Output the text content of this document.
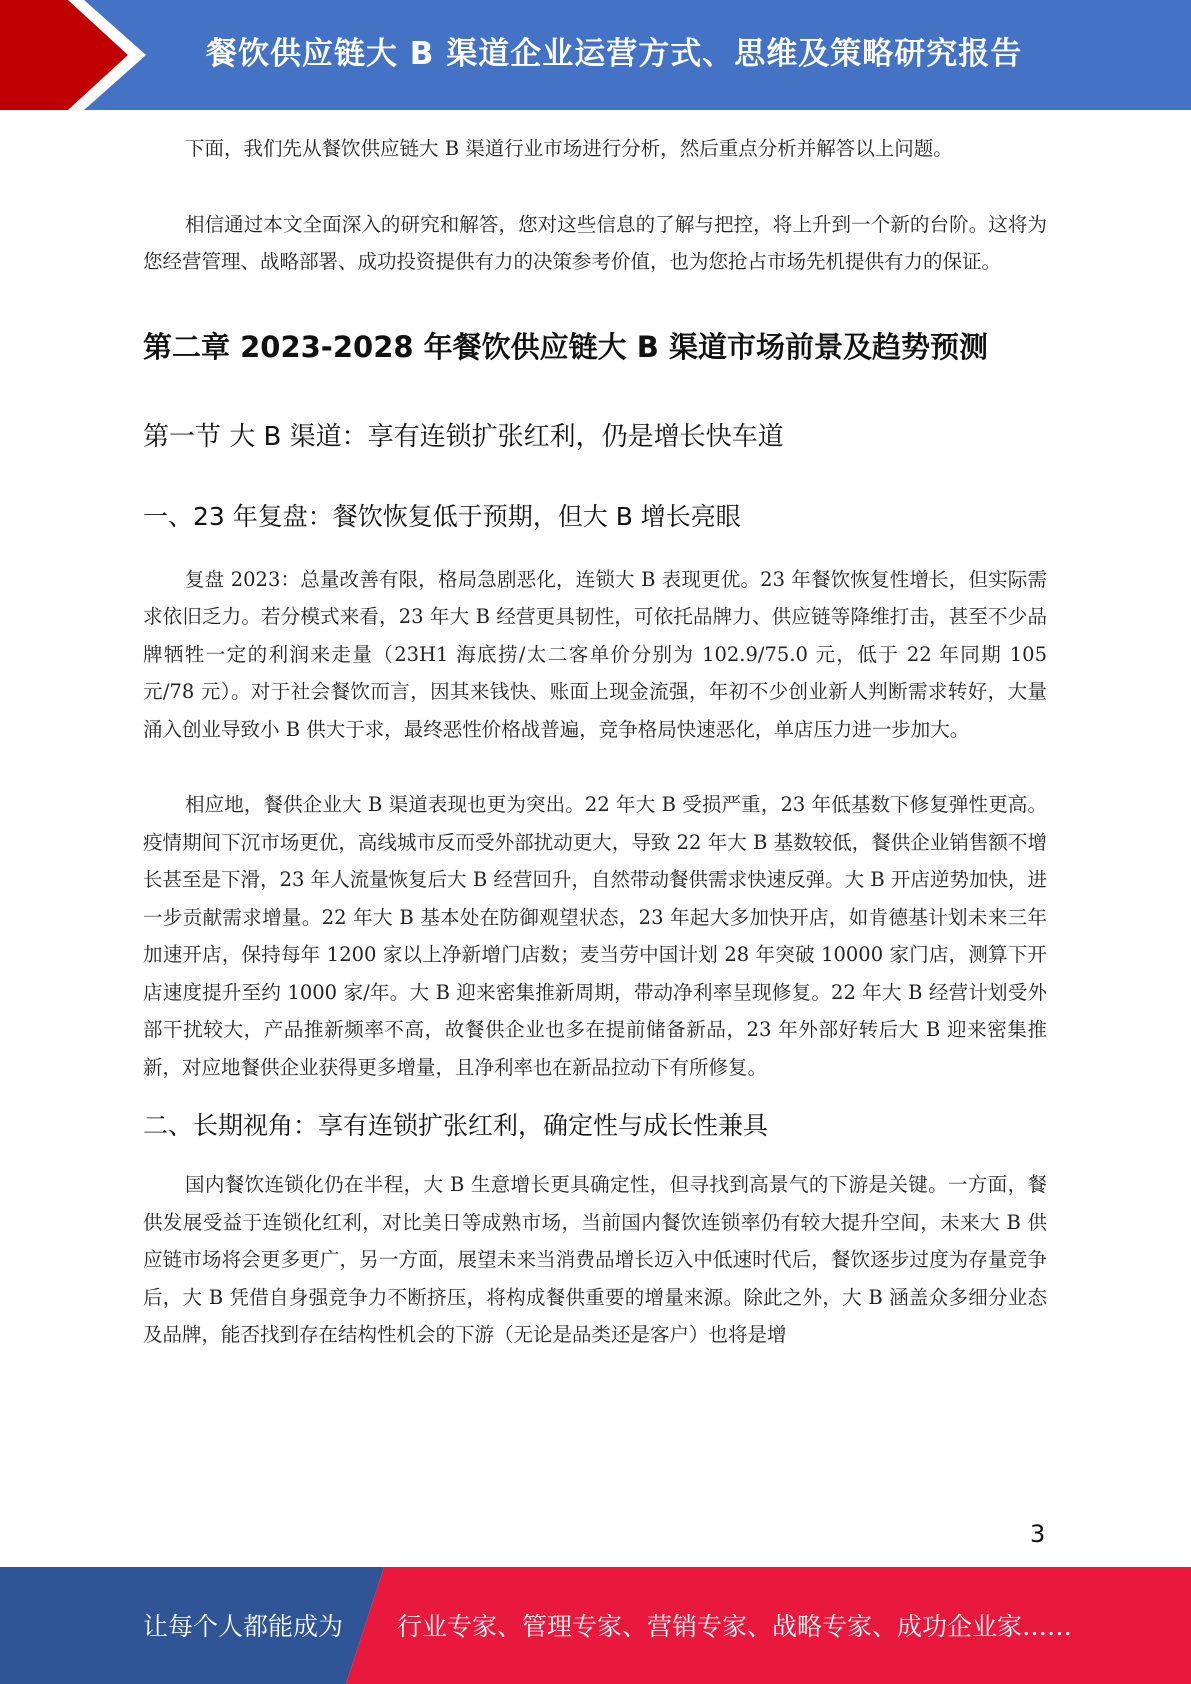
餐饮供应链大 B 渠道企业运营方式、思维及策略研究报告

下面，我们先从餐饮供应链大 B 渠道行业市场进行分析，然后重点分析并解答以上问题。

相信通过本文全面深入的研究和解答，您对这些信息的了解与把控，将上升到一个新的台阶。这将为您经营管理、战略部署、成功投资提供有力的决策参考价值，也为您抢占市场先机提供有力的保证。

第二章 2023-2028 年餐饮供应链大 B 渠道市场前景及趋势预测
第一节 大 B 渠道：享有连锁扩张红利，仍是增长快车道
一、23 年复盘：餐饮恢复低于预期，但大 B 增长亮眼

复盘 2023：总量改善有限，格局急剧恶化，连锁大 B 表现更优。23 年餐饮恢复性增长，但实际需求依旧乏力。若分模式来看，23 年大 B 经营更具韧性，可依托品牌力、供应链等降维打击，甚至不少品牌牺牲一定的利润来走量（23H1 海底捞/太二客单价分别为 102.9/75.0 元，低于 22 年同期 105 元/78 元）。对于社会餐饮而言，因其来钱快、账面上现金流强，年初不少创业新人判断需求转好，大量涌入创业导致小 B 供大于求，最终恶性价格战普遍，竞争格局快速恶化，单店压力进一步加大。

相应地，餐供企业大 B 渠道表现也更为突出。22 年大 B 受损严重，23 年低基数下修复弹性更高。疫情期间下沉市场更优，高线城市反而受外部扰动更大，导致 22 年大 B 基数较低，餐供企业销售额不增长甚至是下滑，23 年人流量恢复后大 B 经营回升，自然带动餐供需求快速反弹。大 B 开店逆势加快，进一步贡献需求增量。22 年大 B 基本处在防御观望状态，23 年起大多加快开店，如肯德基计划未来三年加速开店，保持每年 1200 家以上净新增门店数；麦当劳中国计划 28 年突破 10000 家门店，测算下开店速度提升至约 1000 家/年。大 B 迎来密集推新周期，带动净利率呈现修复。22 年大 B 经营计划受外部干扰较大，产品推新频率不高，故餐供企业也多在提前储备新品，23 年外部好转后大 B 迎来密集推新，对应地餐供企业获得更多增量，且净利率也在新品拉动下有所修复。

二、长期视角：享有连锁扩张红利，确定性与成长性兼具

国内餐饮连锁化仍在半程，大 B 生意增长更具确定性，但寻找到高景气的下游是关键。一方面，餐供发展受益于连锁化红利，对比美日等成熟市场，当前国内餐饮连锁率仍有较大提升空间，未来大 B 供应链市场将会更多更广，另一方面，展望未来当消费品增长迈入中低速时代后，餐饮逐步过度为存量竞争后，大 B 凭借自身强竞争力不断挤压，将构成餐供重要的增量来源。除此之外，大 B 涵盖众多细分业态及品牌，能否找到存在结构性机会的下游（无论是品类还是客户）也将是增

3
让每个人都能成为 行业专家、管理专家、营销专家、战略专家、成功企业家……
